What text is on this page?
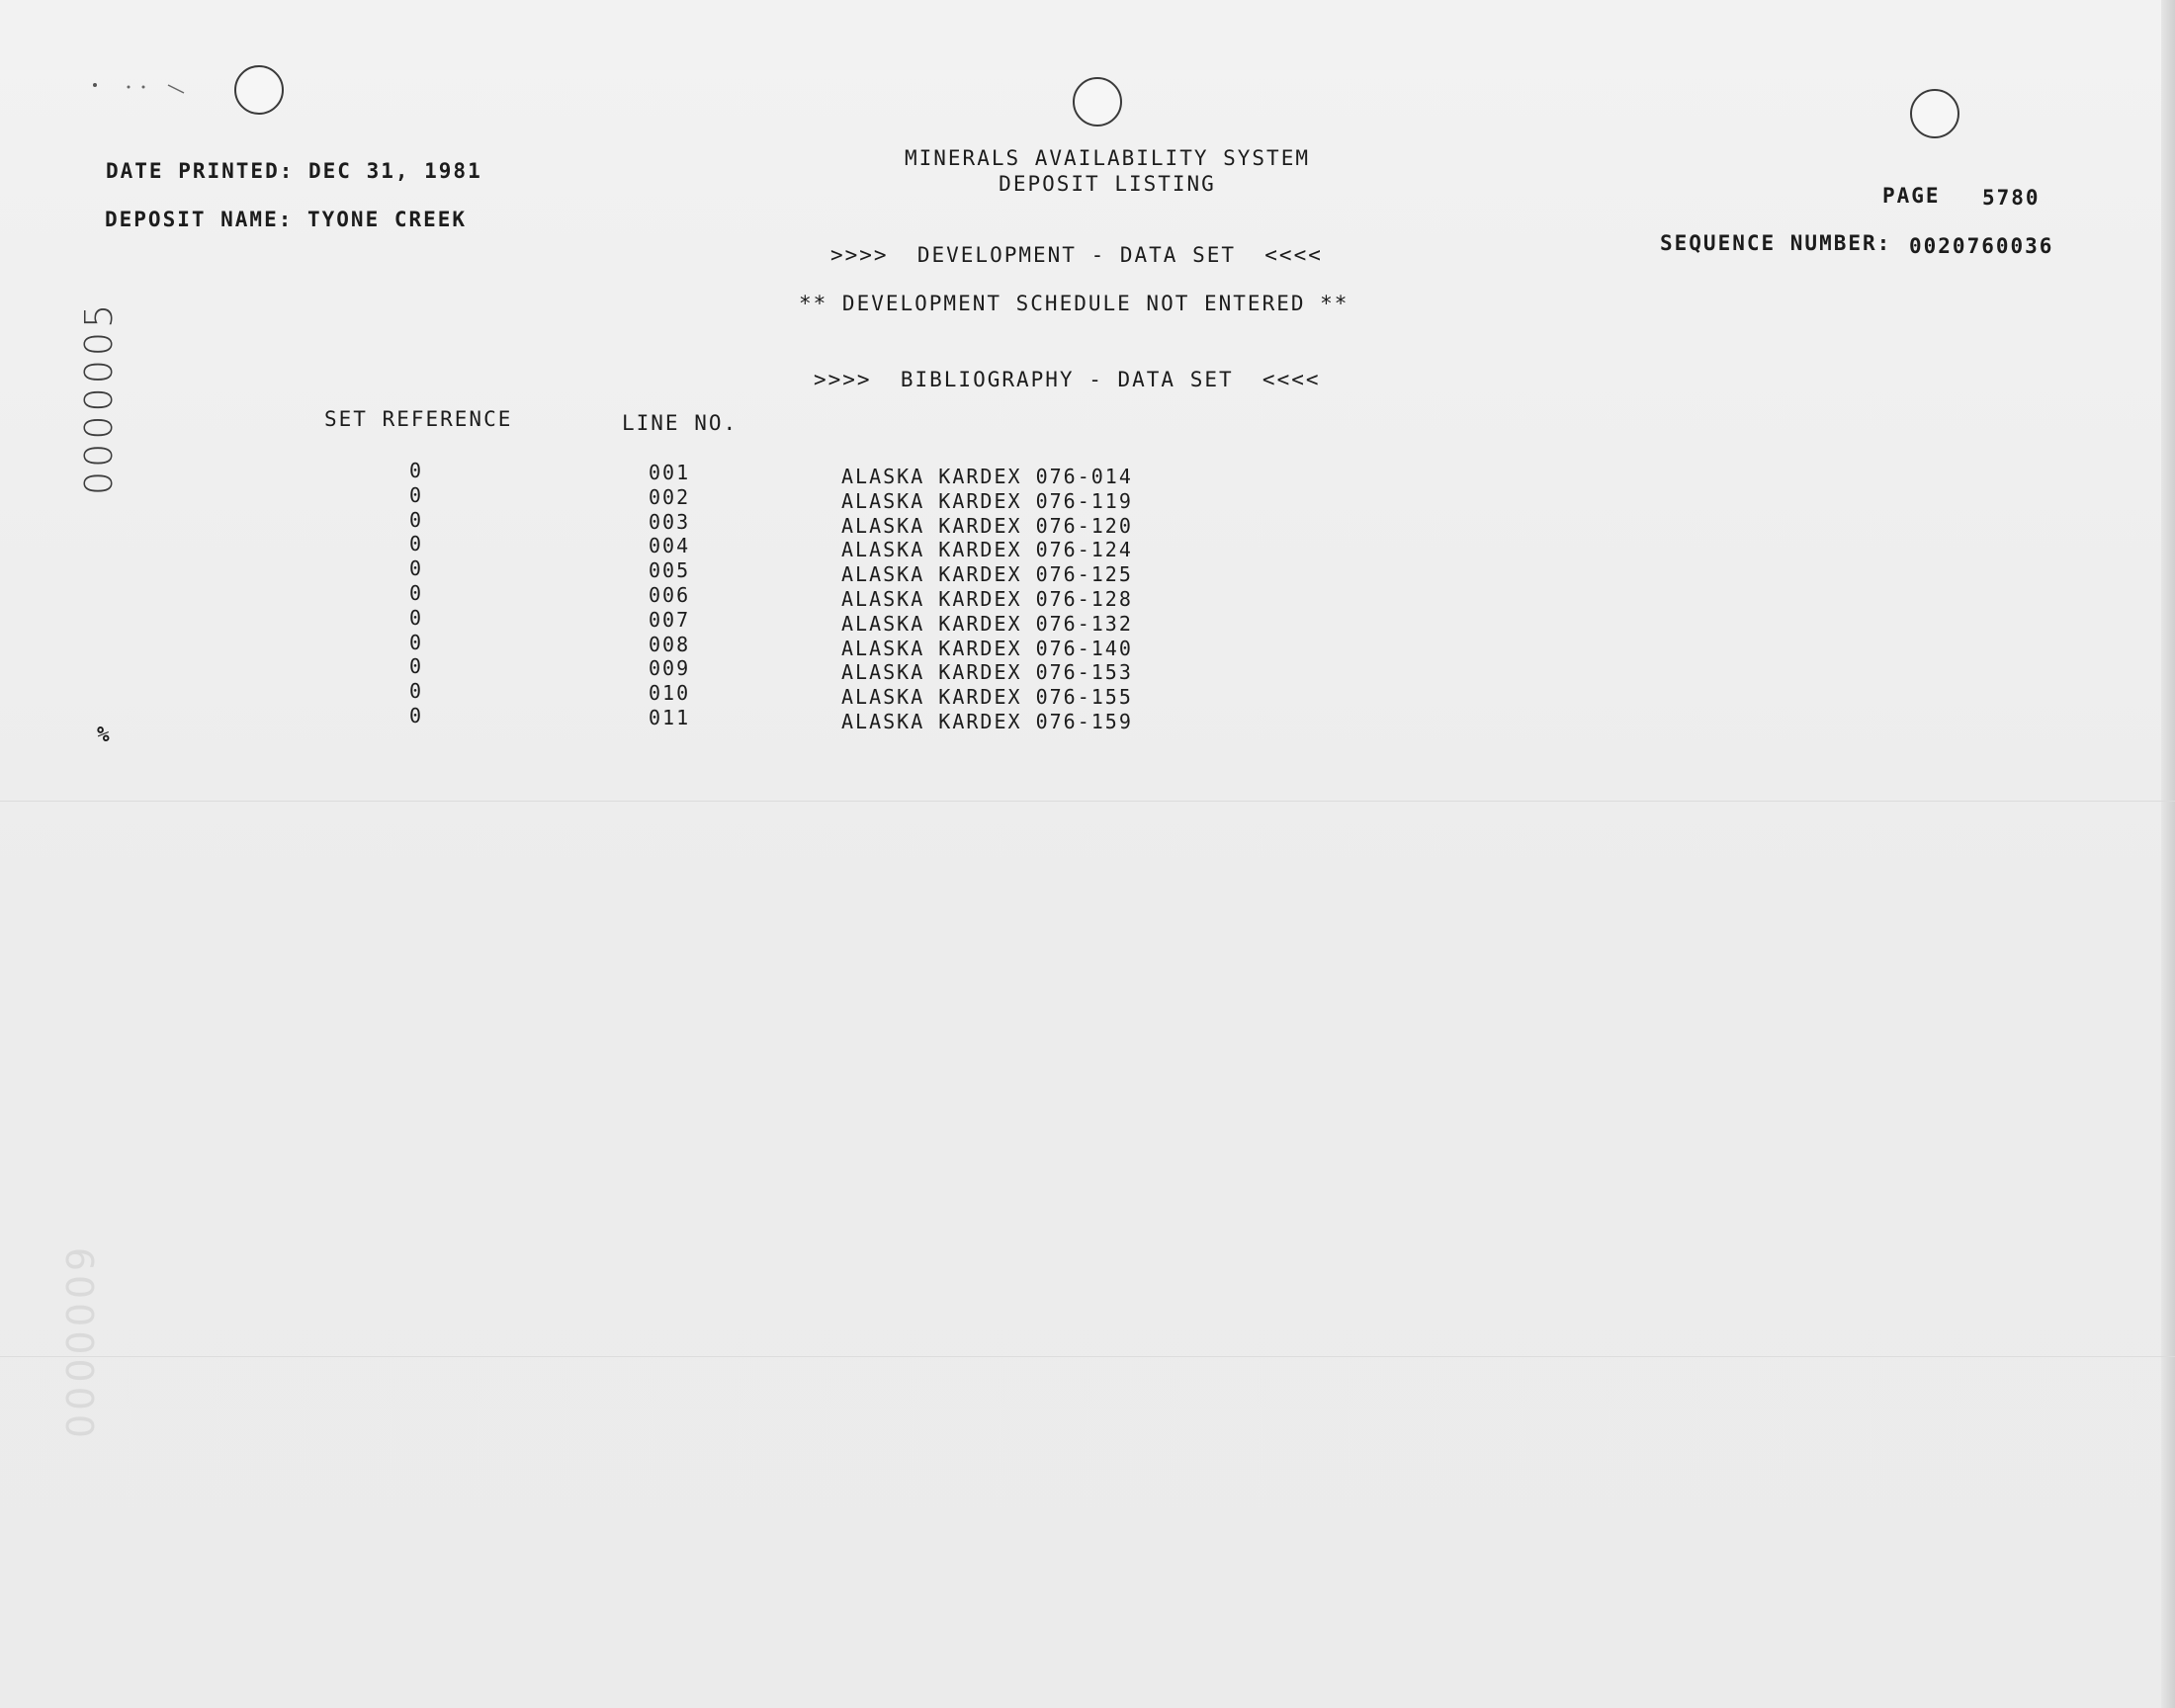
DATE PRINTED: DEC 31, 1981
DEPOSIT NAME: TYONE CREEK
MINERALS AVAILABILITY SYSTEM
DEPOSIT LISTING	PAGE 5780
SEQUENCE NUMBER: 0020760036
>>>>  DEVELOPMENT - DATA SET  <<<<
** DEVELOPMENT SCHEDULE NOT ENTERED **
>>>>  BIBLIOGRAPHY - DATA SET  <<<<
SET REFERENCE	LINE NO.
0
0
0
0
0
0
0
0
0
0
0
001
002
003
004
005
006
007
008
009
010
011
ALASKA KARDEX 076-014
ALASKA KARDEX 076-119
ALASKA KARDEX 076-120
ALASKA KARDEX 076-124
ALASKA KARDEX 076-125
ALASKA KARDEX 076-128
ALASKA KARDEX 076-132
ALASKA KARDEX 076-140
ALASKA KARDEX 076-153
ALASKA KARDEX 076-155
ALASKA KARDEX 076-159
%
0000005
0000009
